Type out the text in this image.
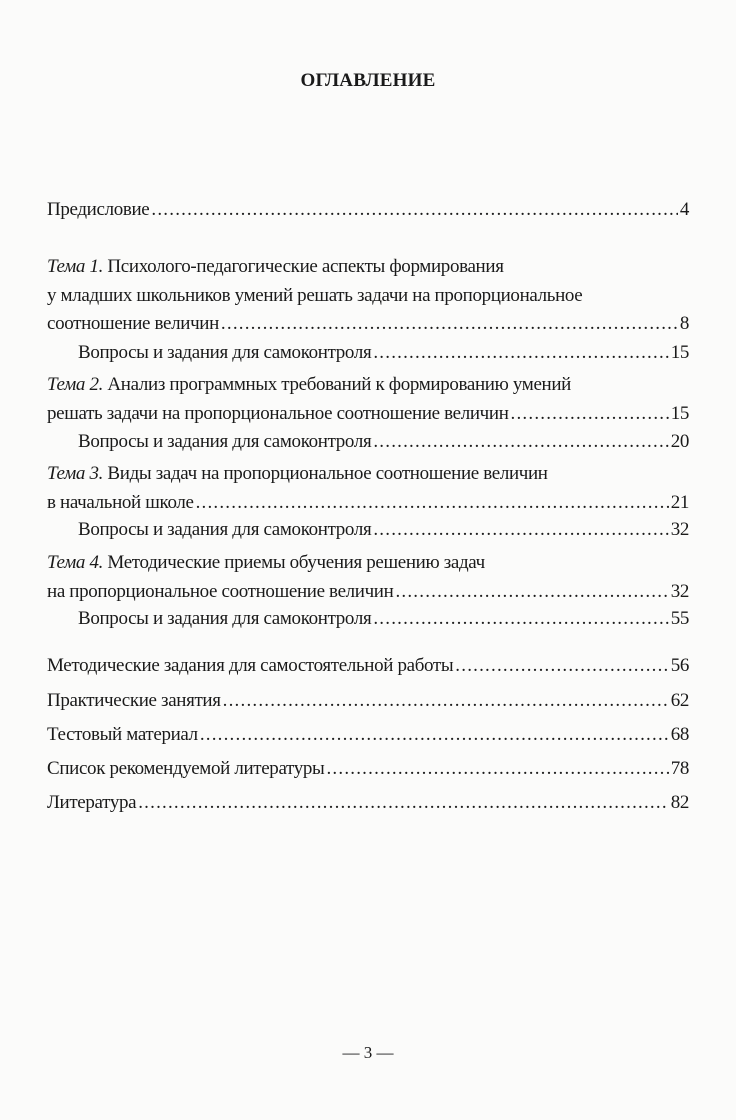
ОГЛАВЛЕНИЕ
Предисловие .....	4
Тема 1. Психолого-педагогические аспекты формирования
у младших школьников умений решать задачи на пропорциональное
соотношение величин .....	8
Вопросы и задания для самоконтроля .....	15
Тема 2. Анализ программных требований к формированию умений
решать задачи на пропорциональное соотношение величин .....	15
Вопросы и задания для самоконтроля .....	20
Тема 3. Виды задач на пропорциональное соотношение величин
в начальной школе .....	21
Вопросы и задания для самоконтроля .....	32
Тема 4. Методические приемы обучения решению задач
на пропорциональное соотношение величин .....	32
Вопросы и задания для самоконтроля .....	55
Методические задания для самостоятельной работы .....	56
Практические занятия .....	62
Тестовый материал .....	68
Список рекомендуемой литературы .....	78
Литература .....	82
— 3 —
